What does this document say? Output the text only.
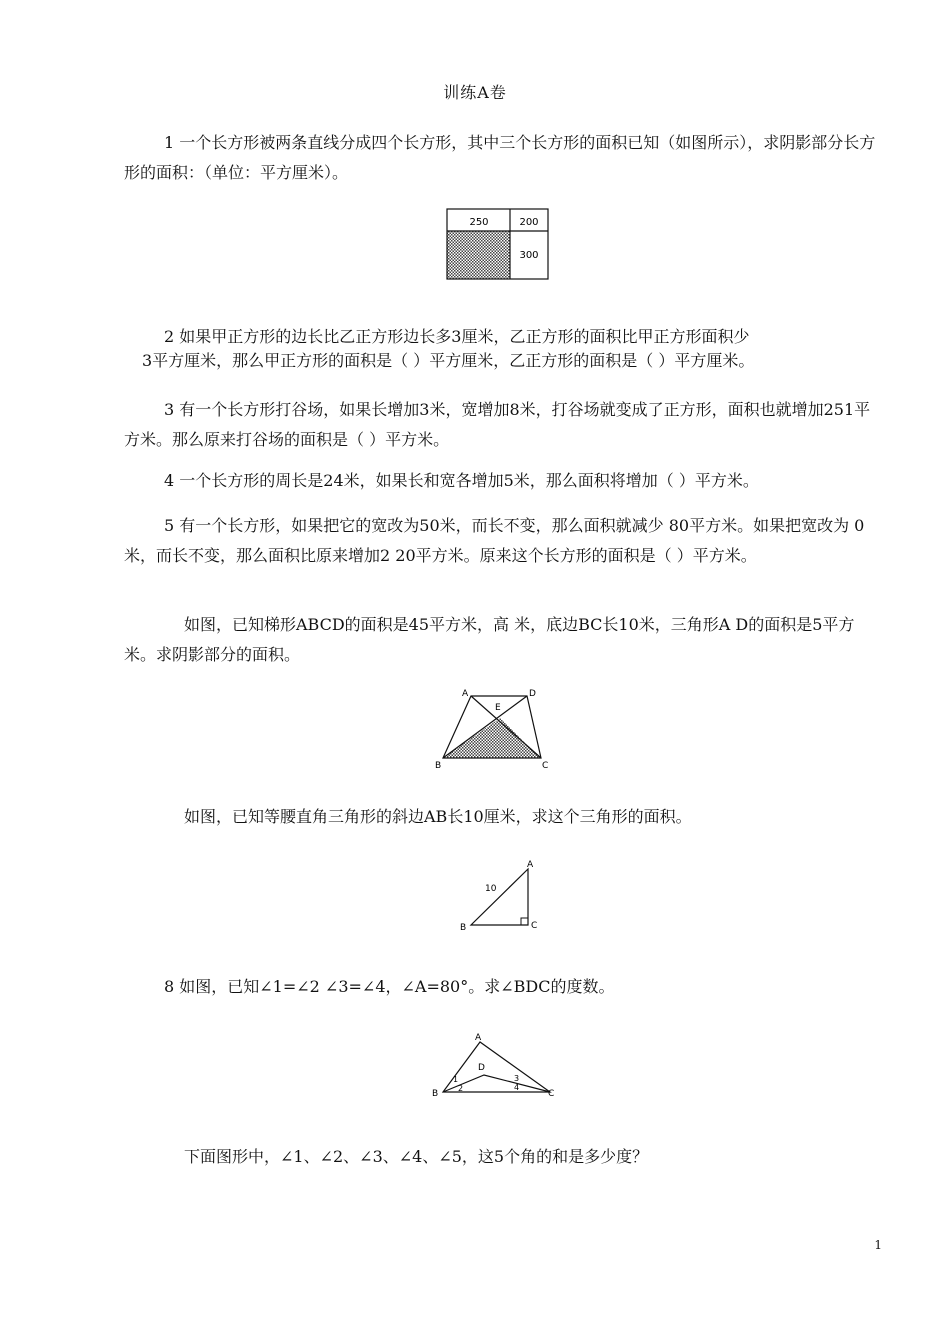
训练A卷
1 一个长方形被两条直线分成四个长方形，其中三个长方形的面积已知（如图所示），求阴影部分长方形的面积：（单位：平方厘米）。
250	200
300
2 如果甲正方形的边长比乙正方形边长多3厘米，乙正方形的面积比甲正方形面积少
3平方厘米，那么甲正方形的面积是（ ）平方厘米，乙正方形的面积是（ ）平方厘米。
3 有一个长方形打谷场，如果长增加3米，宽增加8米，打谷场就变成了正方形，面积也就增加251平方米。那么原来打谷场的面积是（ ）平方米。
4 一个长方形的周长是24米，如果长和宽各增加5米，那么面积将增加（ ）平方米。
5 有一个长方形，如果把它的宽改为50米，而长不变，那么面积就减少 80平方米。如果把宽改为 0米，而长不变，那么面积比原来增加2 20平方米。原来这个长方形的面积是（ ）平方米。
如图，已知梯形ABCD的面积是45平方米，高 米，底边BC长10米，三角形A D的面积是5平方米。求阴影部分的面积。
A	D
E
B	C
如图，已知等腰直角三角形的斜边AB长10厘米，求这个三角形的面积。
A
B	C
10
8 如图，已知∠1=∠2 ∠3=∠4，∠A=80°。求∠BDC的度数。
A
B	C
D
1
2
3
4
下面图形中，∠1、∠2、∠3、∠4、∠5，这5个角的和是多少度？
1
